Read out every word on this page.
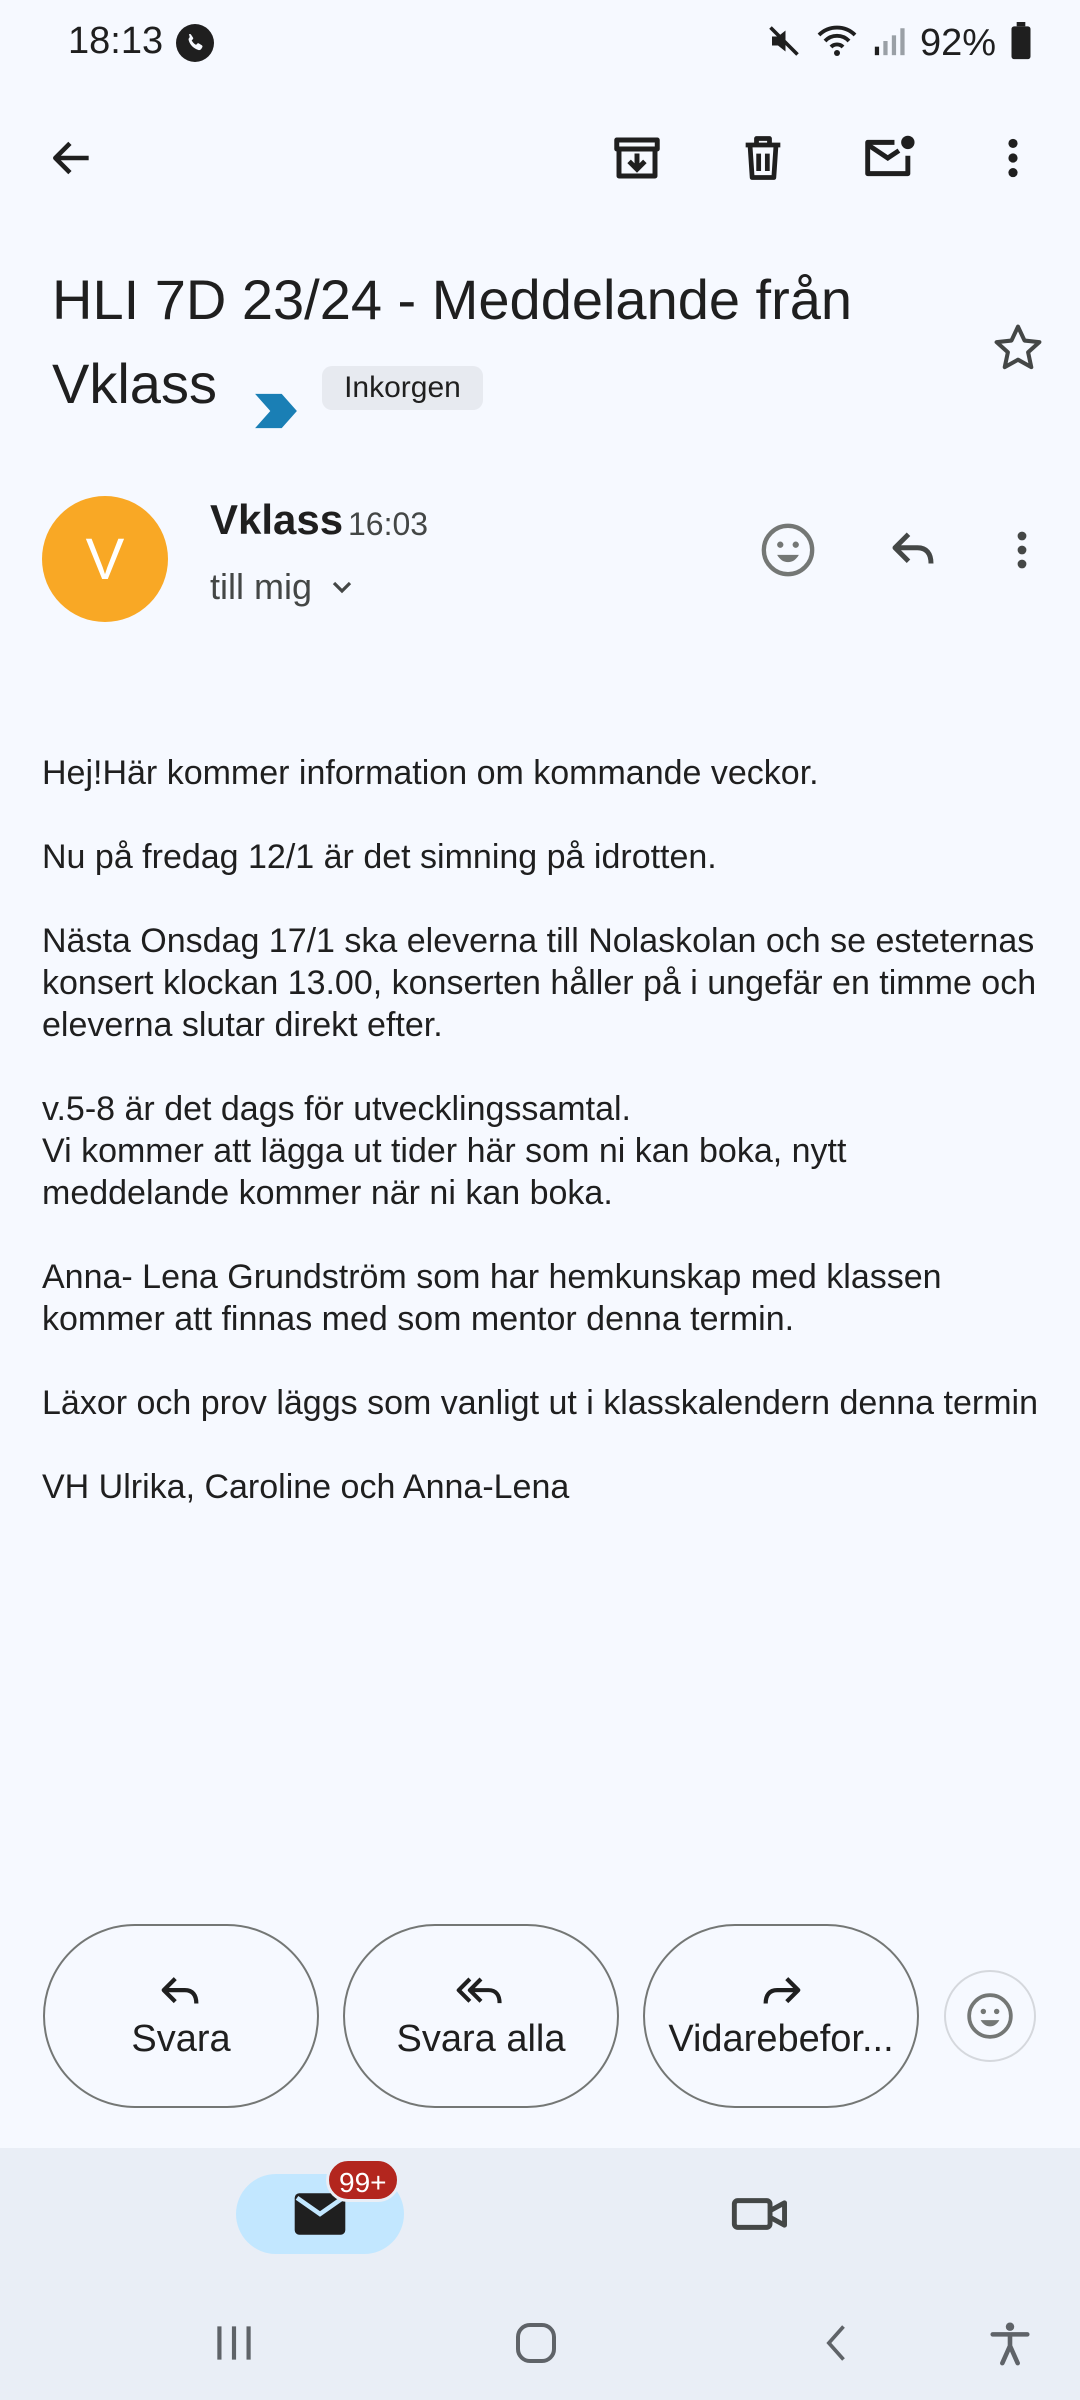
18:13	92%
HLI 7D 23/24 - Meddelande från Vklass	Inkorgen
V
Vklass 16:03
till mig

Hej!Här kommer information om kommande veckor.

Nu på fredag 12/1 är det simning på idrotten.

Nästa Onsdag 17/1 ska eleverna till Nolaskolan och se esteternas konsert klockan 13.00, konserten håller på i ungefär en timme och eleverna slutar direkt efter.

v.5-8 är det dags för utvecklingssamtal.

Vi kommer att lägga ut tider här som ni kan boka, nytt meddelande kommer när ni kan boka.

Anna- Lena Grundström som har hemkunskap med klassen kommer att finnas med som mentor denna termin.

Läxor och prov läggs som vanligt ut i klasskalendern denna termin

VH Ulrika, Caroline och Anna-Lena

Svara	Svara alla	Vidarebefor...
99+
